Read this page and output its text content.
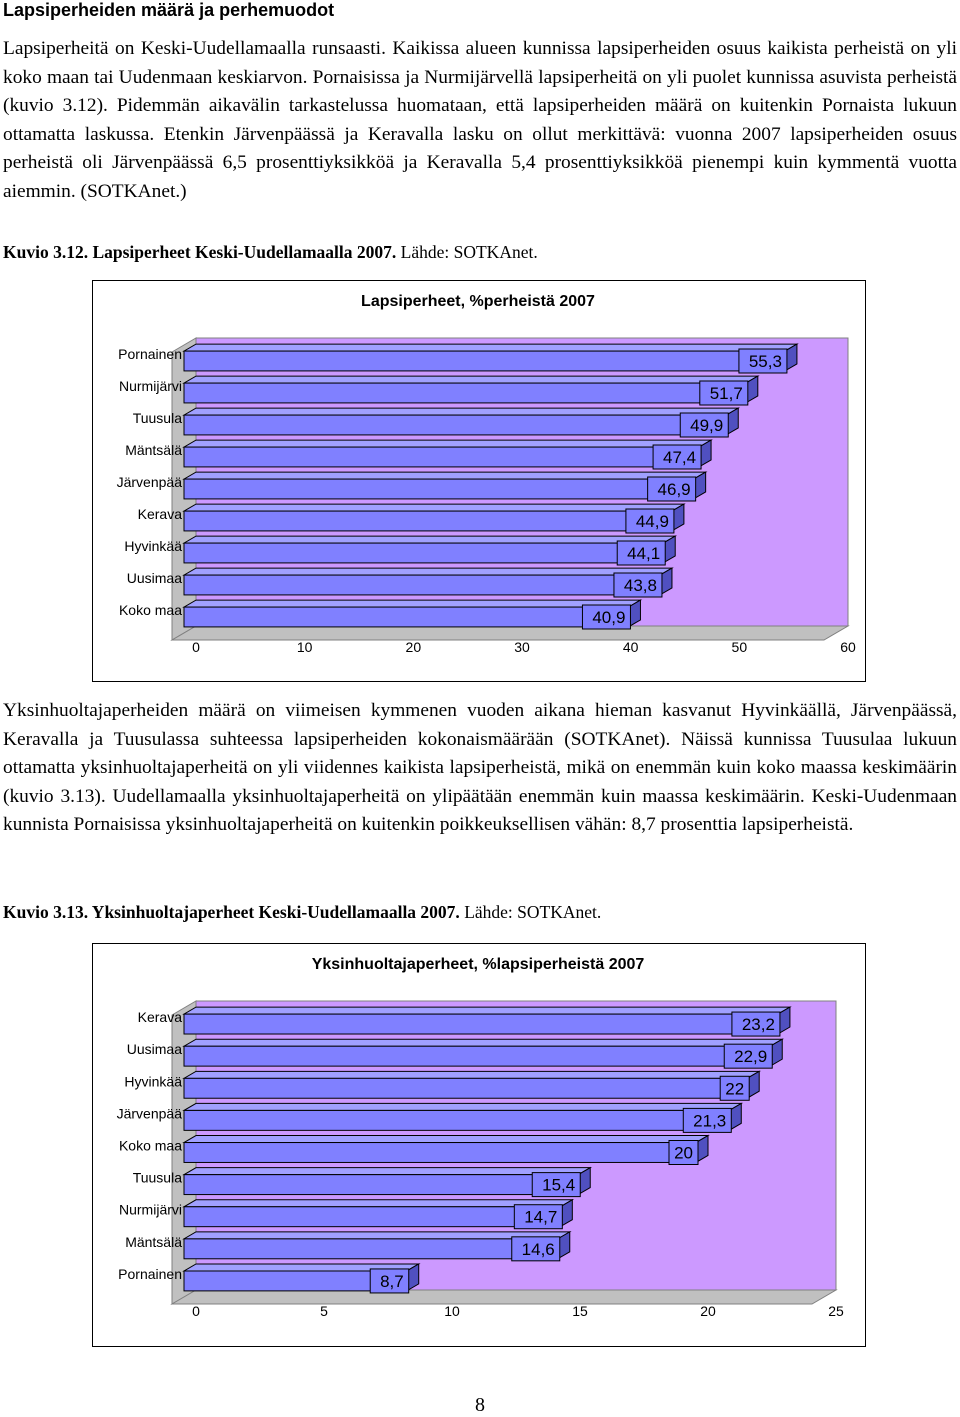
Lapsiperheiden määrä ja perhemuodot
Lapsiperheitä on Keski-Uudellamaalla runsaasti. Kaikissa alueen kunnissa lapsiperheiden osuus kaikista perheistä on yli koko maan tai Uudenmaan keskiarvon. Pornaisissa ja Nurmijärvellä lapsiperheitä on yli puolet kunnissa asuvista perheistä (kuvio 3.12). Pidemmän aikavälin tarkastelussa huomataan, että lapsiperheiden määrä on kuitenkin Pornaista lukuun ottamatta laskussa. Etenkin Järvenpäässä ja Keravalla lasku on ollut merkittävä: vuonna 2007 lapsiperheiden osuus perheistä oli Järvenpäässä 6,5 prosenttiyksikköä ja Keravalla 5,4 prosenttiyksikköä pienempi kuin kymmentä vuotta aiemmin. (SOTKAnet.)
Kuvio 3.12. Lapsiperheet Keski-Uudellamaalla 2007. Lähde: SOTKAnet.
Lapsiperheet, %perheistä 2007
Pornainen	55,3
Nurmijärvi	51,7
Tuusula	49,9
Mäntsälä	47,4
Järvenpää	46,9
Kerava	44,9
Hyvinkää	44,1
Uusimaa	43,8
Koko maa	40,9
0	10	20	30	40	50	60
Yksinhuoltajaperheiden määrä on viimeisen kymmenen vuoden aikana hieman kasvanut Hyvinkäällä, Järvenpäässä, Keravalla ja Tuusulassa suhteessa lapsiperheiden kokonaismäärään (SOTKAnet). Näissä kunnissa Tuusulaa lukuun ottamatta yksinhuoltajaperheitä on yli viidennes kaikista lapsiperheistä, mikä on enemmän kuin koko maassa keskimäärin (kuvio 3.13). Uudellamaalla yksinhuoltajaperheitä on ylipäätään enemmän kuin maassa keskimäärin. Keski-Uudenmaan kunnista Pornaisissa yksinhuoltajaperheitä on kuitenkin poikkeuksellisen vähän: 8,7 prosenttia lapsiperheistä.
Kuvio 3.13. Yksinhuoltajaperheet Keski-Uudellamaalla 2007. Lähde: SOTKAnet.
Yksinhuoltajaperheet, %lapsiperheistä 2007
Kerava	23,2
Uusimaa	22,9
Hyvinkää	22
Järvenpää	21,3
Koko maa	20
Tuusula	15,4
Nurmijärvi	14,7
Mäntsälä	14,6
Pornainen	8,7
0	5	10	15	20	25
8
